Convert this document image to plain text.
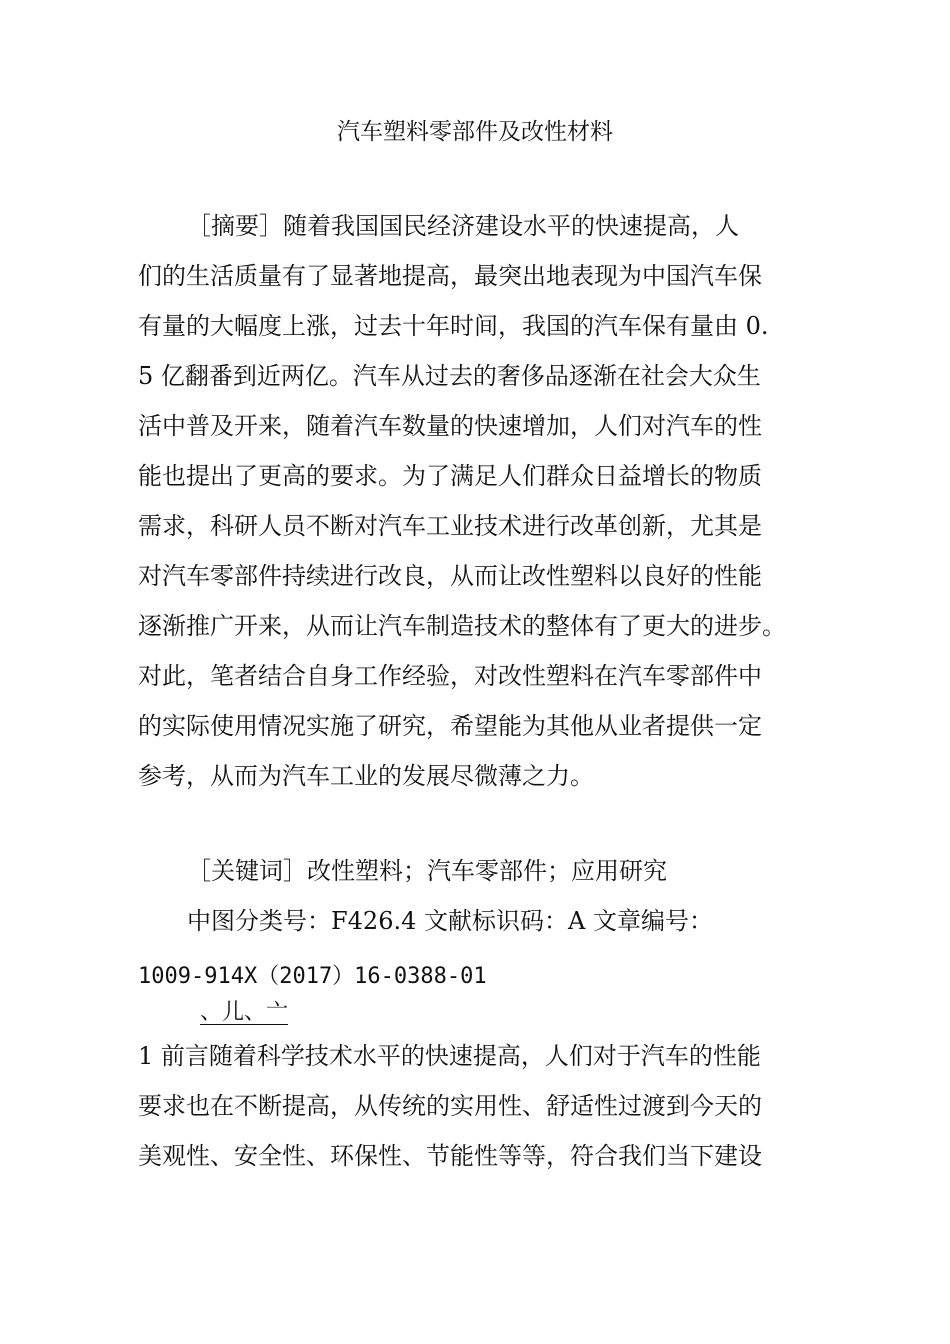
汽车塑料零部件及改性材料

［摘要］随着我国国民经济建设水平的快速提高，人

们的生活质量有了显著地提高，最突出地表现为中国汽车保

有量的大幅度上涨，过去十年时间，我国的汽车保有量由 0.

5 亿翻番到近两亿。汽车从过去的奢侈品逐渐在社会大众生

活中普及开来，随着汽车数量的快速增加，人们对汽车的性

能也提出了更高的要求。为了满足人们群众日益增长的物质

需求，科研人员不断对汽车工业技术进行改革创新，尤其是

对汽车零部件持续进行改良，从而让改性塑料以良好的性能

逐渐推广开来，从而让汽车制造技术的整体有了更大的进步。

对此，笔者结合自身工作经验，对改性塑料在汽车零部件中

的实际使用情况实施了研究，希望能为其他从业者提供一定

参考，从而为汽车工业的发展尽微薄之力。

［关键词］改性塑料；汽车零部件；应用研究

中图分类号：F426.4 文献标识码：A 文章编号：

1009-914X（2017）16-0388-01

、儿、亠

1 前言随着科学技术水平的快速提高，人们对于汽车的性能

要求也在不断提高，从传统的实用性、舒适性过渡到今天的

美观性、安全性、环保性、节能性等等，符合我们当下建设
